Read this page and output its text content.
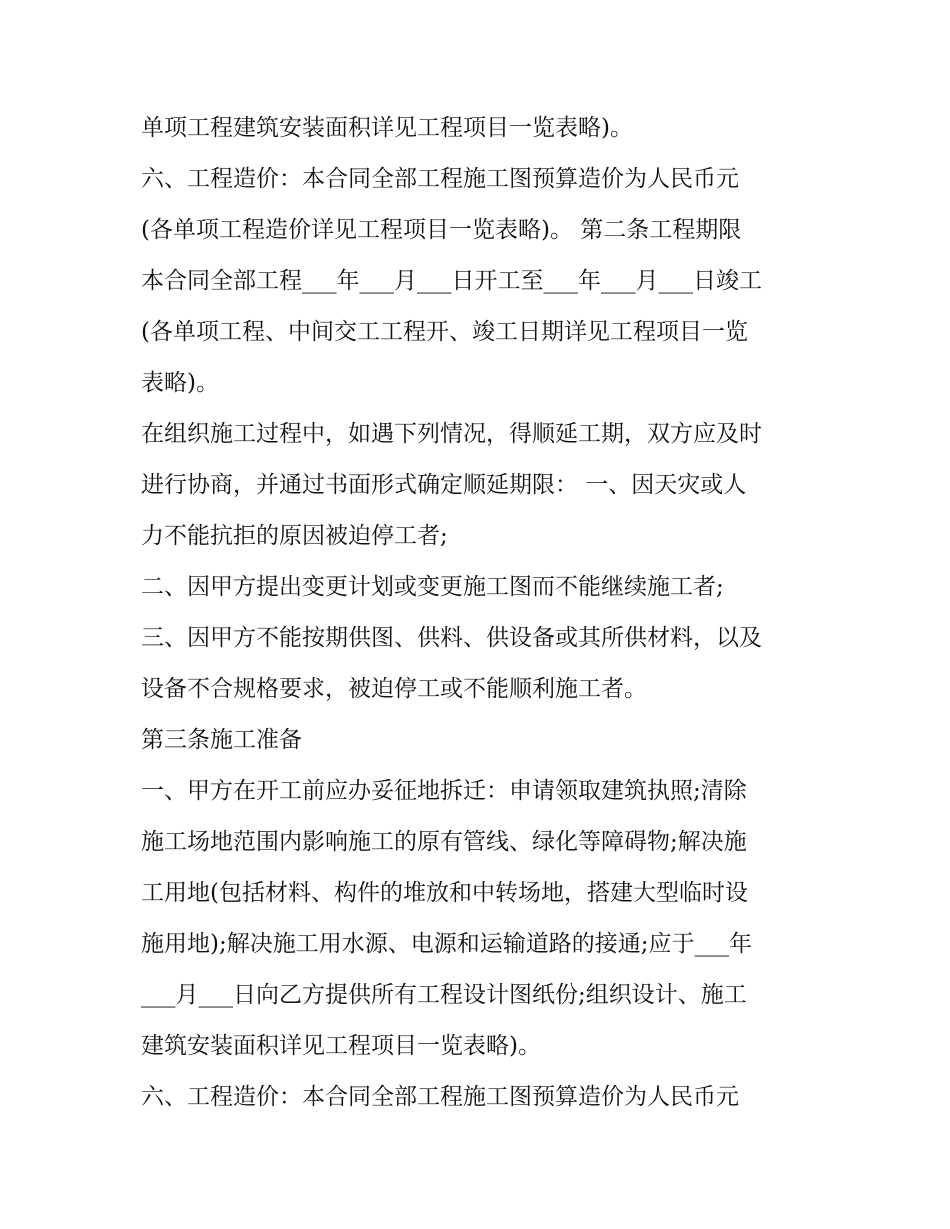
单项工程建筑安装面积详见工程项目一览表略)。
六、工程造价：本合同全部工程施工图预算造价为人民币元
(各单项工程造价详见工程项目一览表略)。 第二条工程期限
本合同全部工程___年___月___日开工至___年___月___日竣工
(各单项工程、中间交工工程开、竣工日期详见工程项目一览
表略)。
在组织施工过程中，如遇下列情况，得顺延工期，双方应及时
进行协商，并通过书面形式确定顺延期限： 一、因天灾或人
力不能抗拒的原因被迫停工者;
二、因甲方提出变更计划或变更施工图而不能继续施工者;
三、因甲方不能按期供图、供料、供设备或其所供材料，以及
设备不合规格要求，被迫停工或不能顺利施工者。
第三条施工准备
一、甲方在开工前应办妥征地拆迁：申请领取建筑执照;清除
施工场地范围内影响施工的原有管线、绿化等障碍物;解决施
工用地(包括材料、构件的堆放和中转场地，搭建大型临时设
施用地);解决施工用水源、电源和运输道路的接通;应于___年
___月___日向乙方提供所有工程设计图纸份;组织设计、施工
建筑安装面积详见工程项目一览表略)。
六、工程造价：本合同全部工程施工图预算造价为人民币元
